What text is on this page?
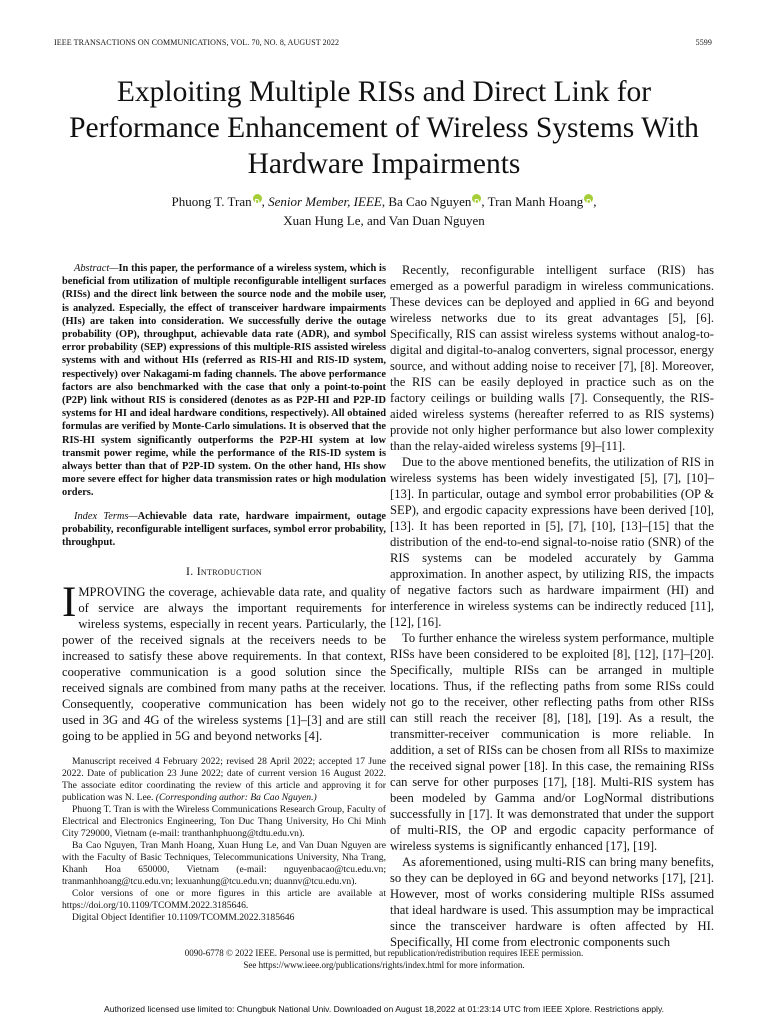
IEEE TRANSACTIONS ON COMMUNICATIONS, VOL. 70, NO. 8, AUGUST 2022	5599
Exploiting Multiple RISs and Direct Link for Performance Enhancement of Wireless Systems With Hardware Impairments
Phuong T. Tran D , Senior Member, IEEE, Ba Cao Nguyen D , Tran Manh Hoang D ,
Xuan Hung Le, and Van Duan Nguyen

Abstract—In this paper, the performance of a wireless system, which is beneficial from utilization of multiple reconfigurable intelligent surfaces (RISs) and the direct link between the source node and the mobile user, is analyzed. Especially, the effect of transceiver hardware impairments (HIs) are taken into consideration. We successfully derive the outage probability (OP), throughput, achievable data rate (ADR), and symbol error probability (SEP) expressions of this multiple-RIS assisted wireless systems with and without HIs (referred as RIS-HI and RIS-ID system, respectively) over Nakagami-m fading channels. The above performance factors are also benchmarked with the case that only a point-to-point (P2P) link without RIS is considered (denotes as as P2P-HI and P2P-ID systems for HI and ideal hardware conditions, respectively). All obtained formulas are verified by Monte-Carlo simulations. It is observed that the RIS-HI system significantly outperforms the P2P-HI system at low transmit power regime, while the performance of the RIS-ID system is always better than that of P2P-ID system. On the other hand, HIs show more severe effect for higher data transmission rates or high modulation orders.

Index Terms—Achievable data rate, hardware impairment, outage probability, reconfigurable intelligent surfaces, symbol error probability, throughput.

I. Introduction

IMPROVING the coverage, achievable data rate, and quality of service are always the important requirements for wireless systems, especially in recent years. Particularly, the power of the received signals at the receivers needs to be increased to satisfy these above requirements. In that context, cooperative communication is a good solution since the received signals are combined from many paths at the receiver. Consequently, cooperative communication has been widely used in 3G and 4G of the wireless systems [1]–[3] and are still going to be applied in 5G and beyond networks [4].

Manuscript received 4 February 2022; revised 28 April 2022; accepted 17 June 2022. Date of publication 23 June 2022; date of current version 16 August 2022. The associate editor coordinating the review of this article and approving it for publication was N. Lee. (Corresponding author: Ba Cao Nguyen.)

Phuong T. Tran is with the Wireless Communications Research Group, Faculty of Electrical and Electronics Engineering, Ton Duc Thang University, Ho Chi Minh City 729000, Vietnam (e-mail: tranthanhphuong@tdtu.edu.vn).

Ba Cao Nguyen, Tran Manh Hoang, Xuan Hung Le, and Van Duan Nguyen are with the Faculty of Basic Techniques, Telecommunications University, Nha Trang, Khanh Hoa 650000, Vietnam (e-mail: nguyenbacao@tcu.edu.vn; tranmanhhoang@tcu.edu.vn; lexuanhung@tcu.edu.vn; duannv@tcu.edu.vn).

Color versions of one or more figures in this article are available at https://doi.org/10.1109/TCOMM.2022.3185646.

Digital Object Identifier 10.1109/TCOMM.2022.3185646

Recently, reconfigurable intelligent surface (RIS) has emerged as a powerful paradigm in wireless communications. These devices can be deployed and applied in 6G and beyond wireless networks due to its great advantages [5], [6]. Specifically, RIS can assist wireless systems without analog-to-digital and digital-to-analog converters, signal processor, energy source, and without adding noise to receiver [7], [8]. Moreover, the RIS can be easily deployed in practice such as on the factory ceilings or building walls [7]. Consequently, the RIS-aided wireless systems (hereafter referred to as RIS systems) provide not only higher performance but also lower complexity than the relay-aided wireless systems [9]–[11].

Due to the above mentioned benefits, the utilization of RIS in wireless systems has been widely investigated [5], [7], [10]–[13]. In particular, outage and symbol error probabilities (OP & SEP), and ergodic capacity expressions have been derived [10], [13]. It has been reported in [5], [7], [10], [13]–[15] that the distribution of the end-to-end signal-to-noise ratio (SNR) of the RIS systems can be modeled accurately by Gamma approximation. In another aspect, by utilizing RIS, the impacts of negative factors such as hardware impairment (HI) and interference in wireless systems can be indirectly reduced [11], [12], [16].

To further enhance the wireless system performance, multiple RISs have been considered to be exploited [8], [12], [17]–[20]. Specifically, multiple RISs can be arranged in multiple locations. Thus, if the reflecting paths from some RISs could not go to the receiver, other reflecting paths from other RISs can still reach the receiver [8], [18], [19]. As a result, the transmitter-receiver communication is more reliable. In addition, a set of RISs can be chosen from all RISs to maximize the received signal power [18]. In this case, the remaining RISs can serve for other purposes [17], [18]. Multi-RIS system has been modeled by Gamma and/or LogNormal distributions successfully in [17]. It was demonstrated that under the support of multi-RIS, the OP and ergodic capacity performance of wireless systems is significantly enhanced [17], [19].

As aforementioned, using multi-RIS can bring many benefits, so they can be deployed in 6G and beyond networks [17], [21]. However, most of works considering multiple RISs assumed that ideal hardware is used. This assumption may be impractical since the transceiver hardware is often affected by HI. Specifically, HI come from electronic components such

0090-6778 © 2022 IEEE. Personal use is permitted, but republication/redistribution requires IEEE permission.
See https://www.ieee.org/publications/rights/index.html for more information.
Authorized licensed use limited to: Chungbuk National Univ. Downloaded on August 18,2022 at 01:23:14 UTC from IEEE Xplore. Restrictions apply.
